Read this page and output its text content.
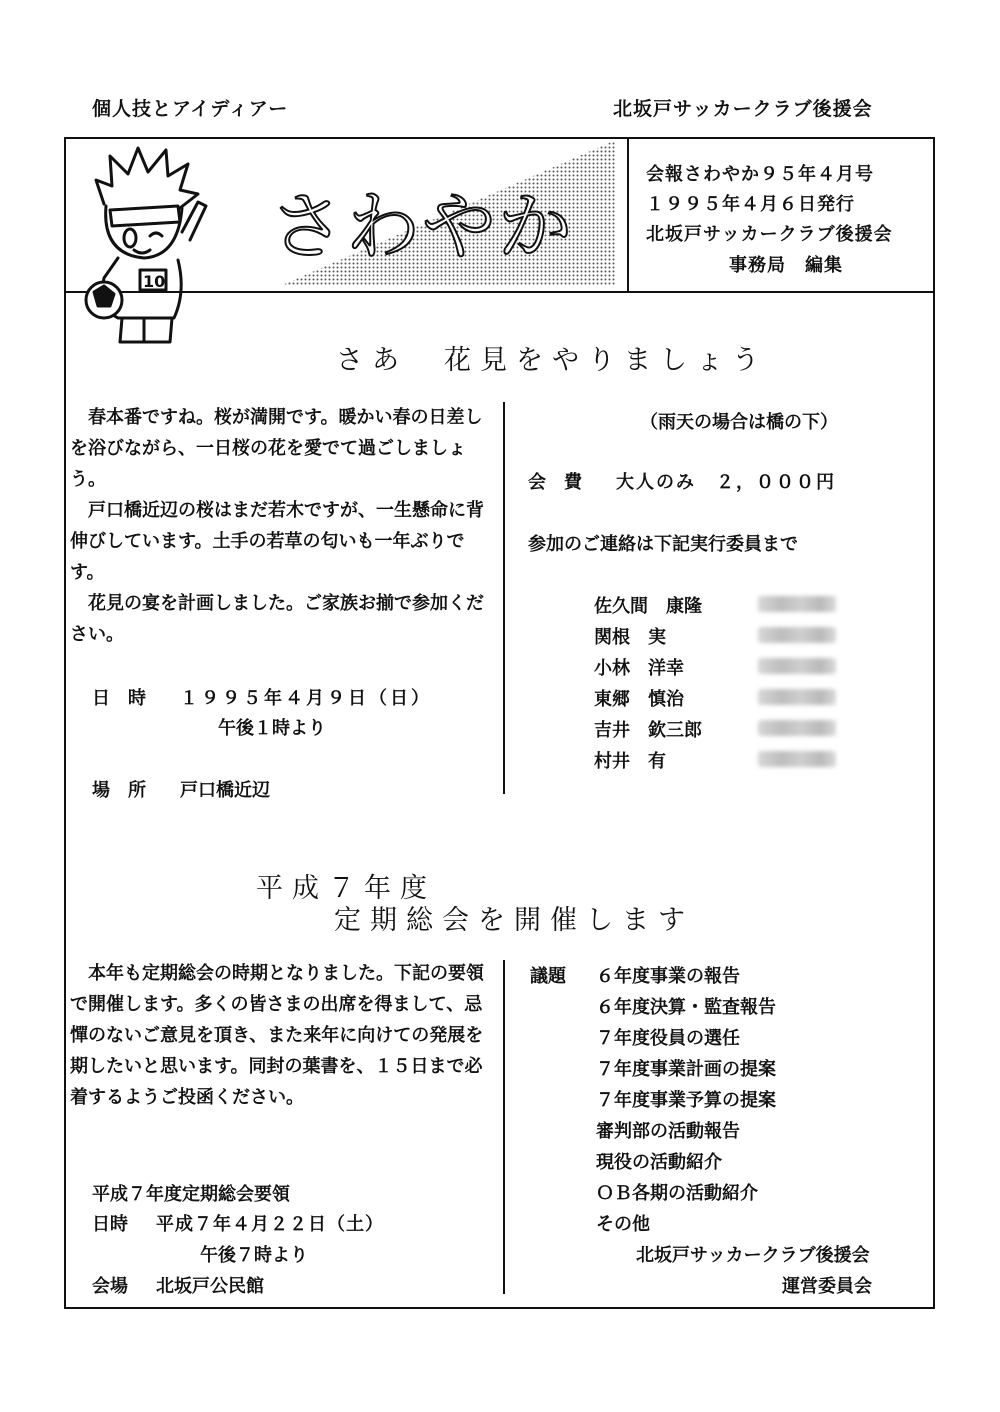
個人技とアイディアー	北坂戸サッカークラブ後援会
10
さわやか
会報さわやか９５年４月号
１９９５年４月６日発行
北坂戸サッカークラブ後援会
事務局　編集
さあ　花見をやりましょう
春本番ですね。桜が満開です。暖かい春の日差しを浴びながら、一日桜の花を愛でて過ごしましょう。
戸口橋近辺の桜はまだ若木ですが、一生懸命に背伸びしています。土手の若草の匂いも一年ぶりです。
花見の宴を計画しました。ご家族お揃で参加ください。
日　時 １９９５年４月９日（日）
午後１時より
場　所 戸口橋近辺
（雨天の場合は橋の下）
会　費 大人のみ　２，０００円
参加のご連絡は下記実行委員まで
佐久間　康隆
関根　実
小林　洋幸
東郷　慎治
吉井　欽三郎
村井　有
平成７年度
定期総会を開催します
本年も定期総会の時期となりました。下記の要領で開催します。多くの皆さまの出席を得まして、忌憚のないご意見を頂き、また来年に向けての発展を期したいと思います。同封の葉書を、１５日まで必着するようご投函ください。
平成７年度定期総会要領
日時 平成７年４月２２日（土）
午後７時より
会場 北坂戸公民館
議題 ６年度事業の報告
６年度決算・監査報告
７年度役員の選任
７年度事業計画の提案
７年度事業予算の提案
審判部の活動報告
現役の活動紹介
ＯＢ各期の活動紹介
その他
北坂戸サッカークラブ後援会
運営委員会
